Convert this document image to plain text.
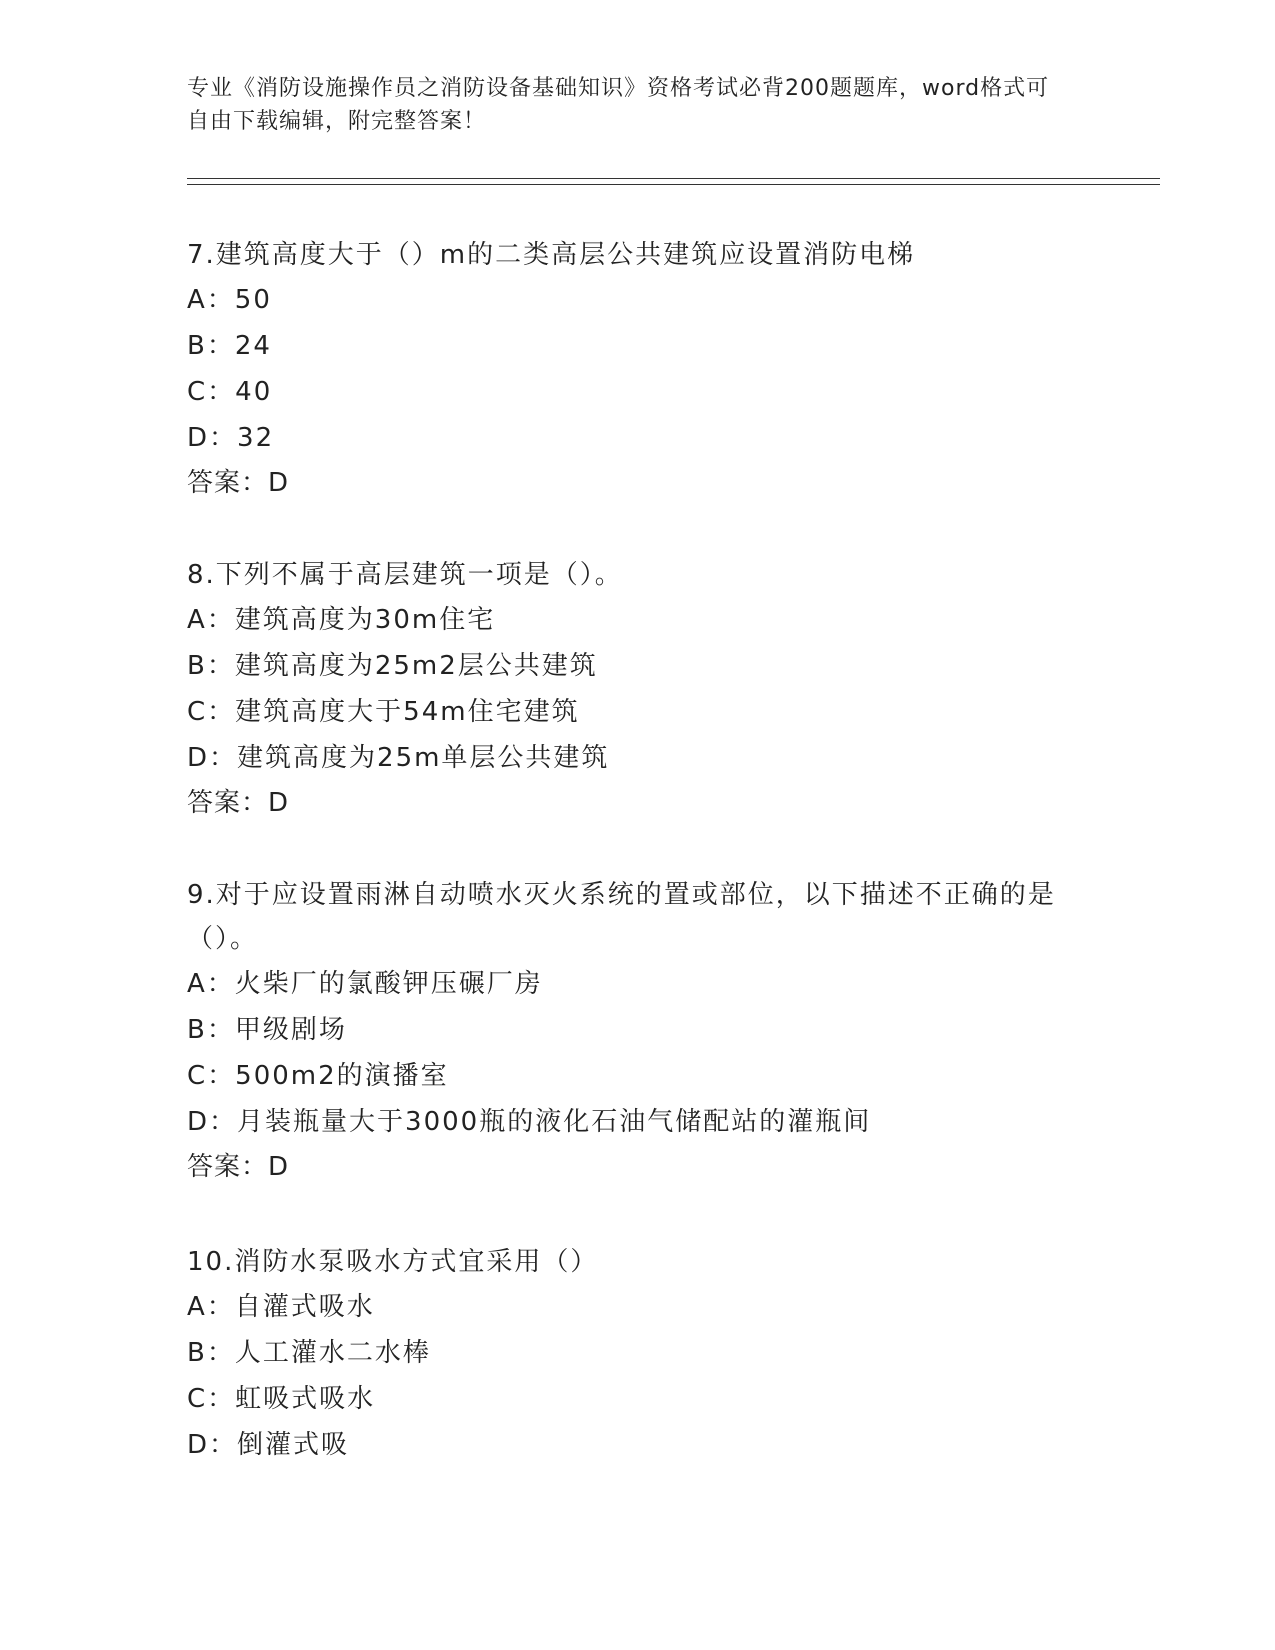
专业《消防设施操作员之消防设备基础知识》资格考试必背200题题库，word格式可自由下载编辑，附完整答案！

7.建筑高度大于（）m的二类高层公共建筑应设置消防电梯

A：50

B：24

C：40

D：32

答案：D

8.下列不属于高层建筑一项是（）。

A：建筑高度为30m住宅

B：建筑高度为25m2层公共建筑

C：建筑高度大于54m住宅建筑

D：建筑高度为25m单层公共建筑

答案：D

9.对于应设置雨淋自动喷水灭火系统的置或部位，以下描述不正确的是（）。

A：火柴厂的氯酸钾压碾厂房

B：甲级剧场

C：500m2的演播室

D：月装瓶量大于3000瓶的液化石油气储配站的灌瓶间

答案：D

10.消防水泵吸水方式宜采用（）

A：自灌式吸水

B：人工灌水二水棒

C：虹吸式吸水

D：倒灌式吸
